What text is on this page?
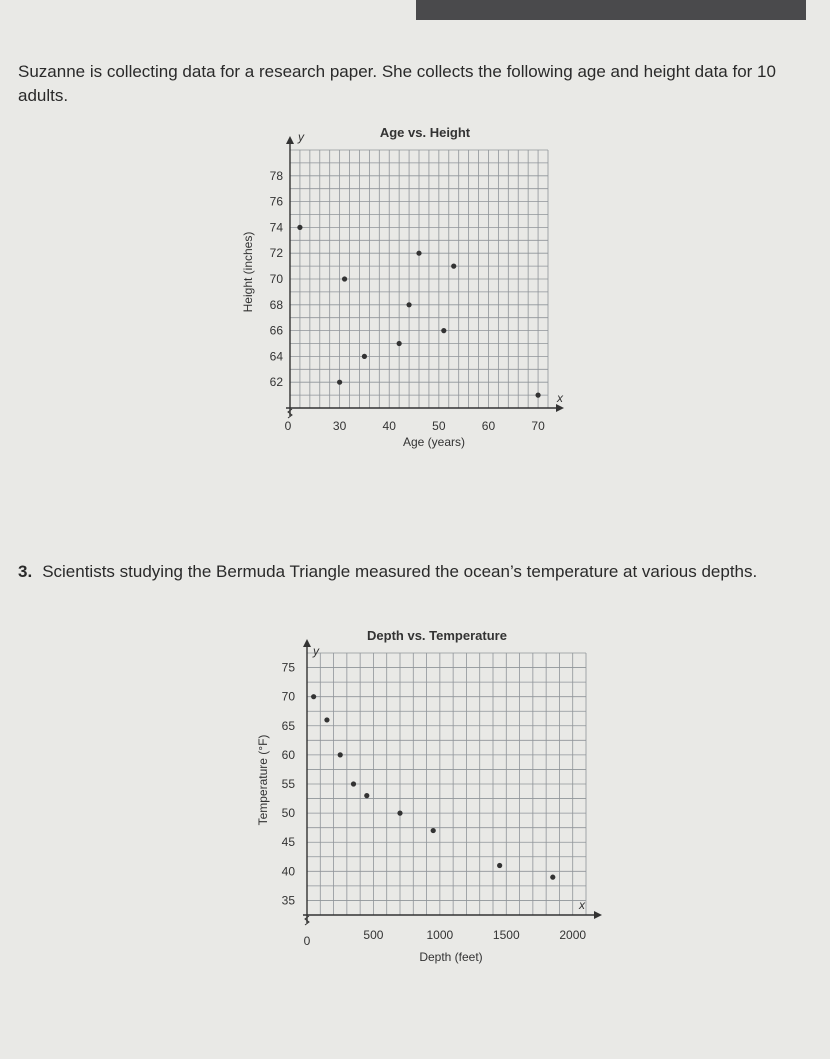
Suzanne is collecting data for a research paper. She collects the following age and height data for 10 adults.

Age vs. Height
y
x
0
Age (years)
Height (inches)
30	40	50	60	70
62
64
66
68
70
72
74
76
78

3. Scientists studying the Bermuda Triangle measured the ocean’s temperature at various depths.

Depth vs. Temperature
y
x
0
Depth (feet)
Temperature (°F)
500	1000	1500	2000
35
40
45
50
55
60
65
70
75
